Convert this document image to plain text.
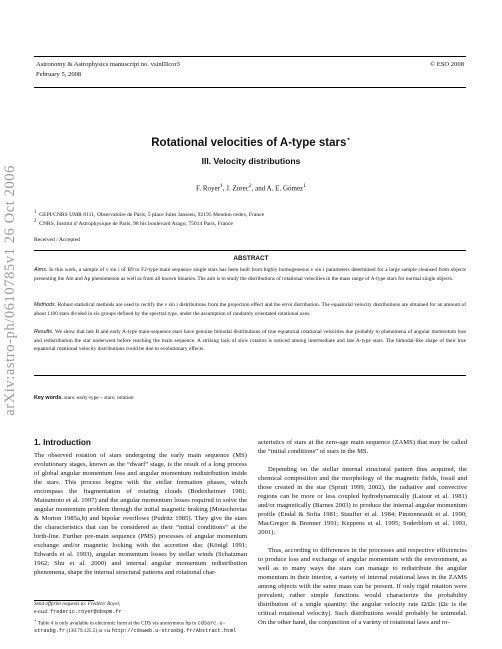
Astronomy & Astrophysics manuscript no. vsinIIIcor3	© ESO 2008
February 5, 2008
arXiv:astro-ph/0610785v1 26 Oct 2006
Rotational velocities of A-type stars⋆
III. Velocity distributions
F. Royer$^1$, J. Zorec$^2$, and A. E. Gómez$^1$
$^1$ GEPI/CNRS UMR 8111, Observatoire de Paris, 5 place Jules Janssen, 92195 Meudon cedex, France
$^2$ CNRS, Institut d’Astrophysique de Paris, 98 bis boulevard Arago, 75014 Paris, France
Received / Accepted
ABSTRACT
Aims. In this work, a sample of v sin i of B9 to F2-type main sequence single stars has been built from highly homogeneous v sin i parameters determined for a large sample cleansed from objects presenting the Am and Ap phenomenon as well as from all known binaries. The aim is to study the distributions of rotational velocities in the mass range of A-type stars for normal single objects.
Methods. Robust statistical methods are used to rectify the v sin i distributions from the projection effect and the error distribution. The equatorial velocity distributions are obtained for an amount of about 1100 stars divided in six groups defined by the spectral type, under the assumption of randomly orientated rotational axes.
Results. We show that late B and early A-type main-sequence stars have genuine bimodal distributions of true equatorial rotational velocities due probably to phenomena of angular momentum loss and redistribution the star underwent before reaching the main sequence. A striking lack of slow rotators is noticed among intermediate and late A-type stars. The bimodal-like shape of their true equatorial rotational velocity distributions could be due to evolutionary effects.
Key words. stars: early-type – stars: rotation
1. Introduction

The observed rotation of stars undergoing the early main sequence (MS) evolutionary stages, known as the “dwarf” stage, is the result of a long process of global angular momentum loss and angular momentum redistribution inside the stars. This process begins with the stellar formation phases, which encompass the fragmentation of rotating clouds (Bodenheimer 1981; Matsumoto et al. 1997) and the angular momentum losses required to solve the angular momentum problem through the initial magnetic braking (Mouschovias & Morton 1985a,b) and bipolar overflows (Pudritz 1985). They give the stars the characteristics that can be considered as their “initial conditions” at the birth-line. Further pre-main sequence (PMS) processes of angular momentum exchange and/or magnetic locking with the accretion disc (Königl 1991; Edwards et al. 1993), angular momentum losses by stellar winds (Schatzman 1962; Shu et al. 2000) and internal angular momentum redistribution phenomena, shape the internal structural patterns and rotational char-

acteristics of stars at the zero-age main sequence (ZAMS) that may be called the “initial conditions” of stars in the MS.

Depending on the stellar internal structural pattern thus acquired, the chemical composition and the morphology of the magnetic fields, fossil and those created in the star (Spruit 1999, 2002), the radiative and convective regions can be more or less coupled hydrodynamically (Latour et al. 1981) and/or magnetically (Barnes 2003) to produce the internal angular momentum profile (Endal & Sofia 1981; Stauffer et al. 1984; Pinsonneault et al. 1990; MacGregor & Brenner 1991; Keppens et al. 1995; Soderblom et al. 1993, 2001).

Thus, according to differences in the processes and respective efficiencies to produce loss and exchange of angular momentum with the environment, as well as to many ways the stars can manage to redistribute the angular momentum in their interior, a variety of internal rotational laws in the ZAMS among objects with the same mass can be present. If only rigid rotation were prevalent, rather simple functions would characterize the probability distribution of a single quantity: the angular velocity rate Ω/Ωc (Ωc is the critical rotational velocity). Such distributions would probably be unimodal. On the other hand, the conjunction of a variety of rotational laws and ro-

Send offprint requests to: Frédéric Royer,
e-mail: frederic.royer@obspm.fr
⋆ Table 4 is only available in electronic form at the CDS via anonymous ftp to cdsarc.u-strasbg.fr (130.79.125.5) or via http://cdsweb.u-strasbg.fr/Abstract.html
